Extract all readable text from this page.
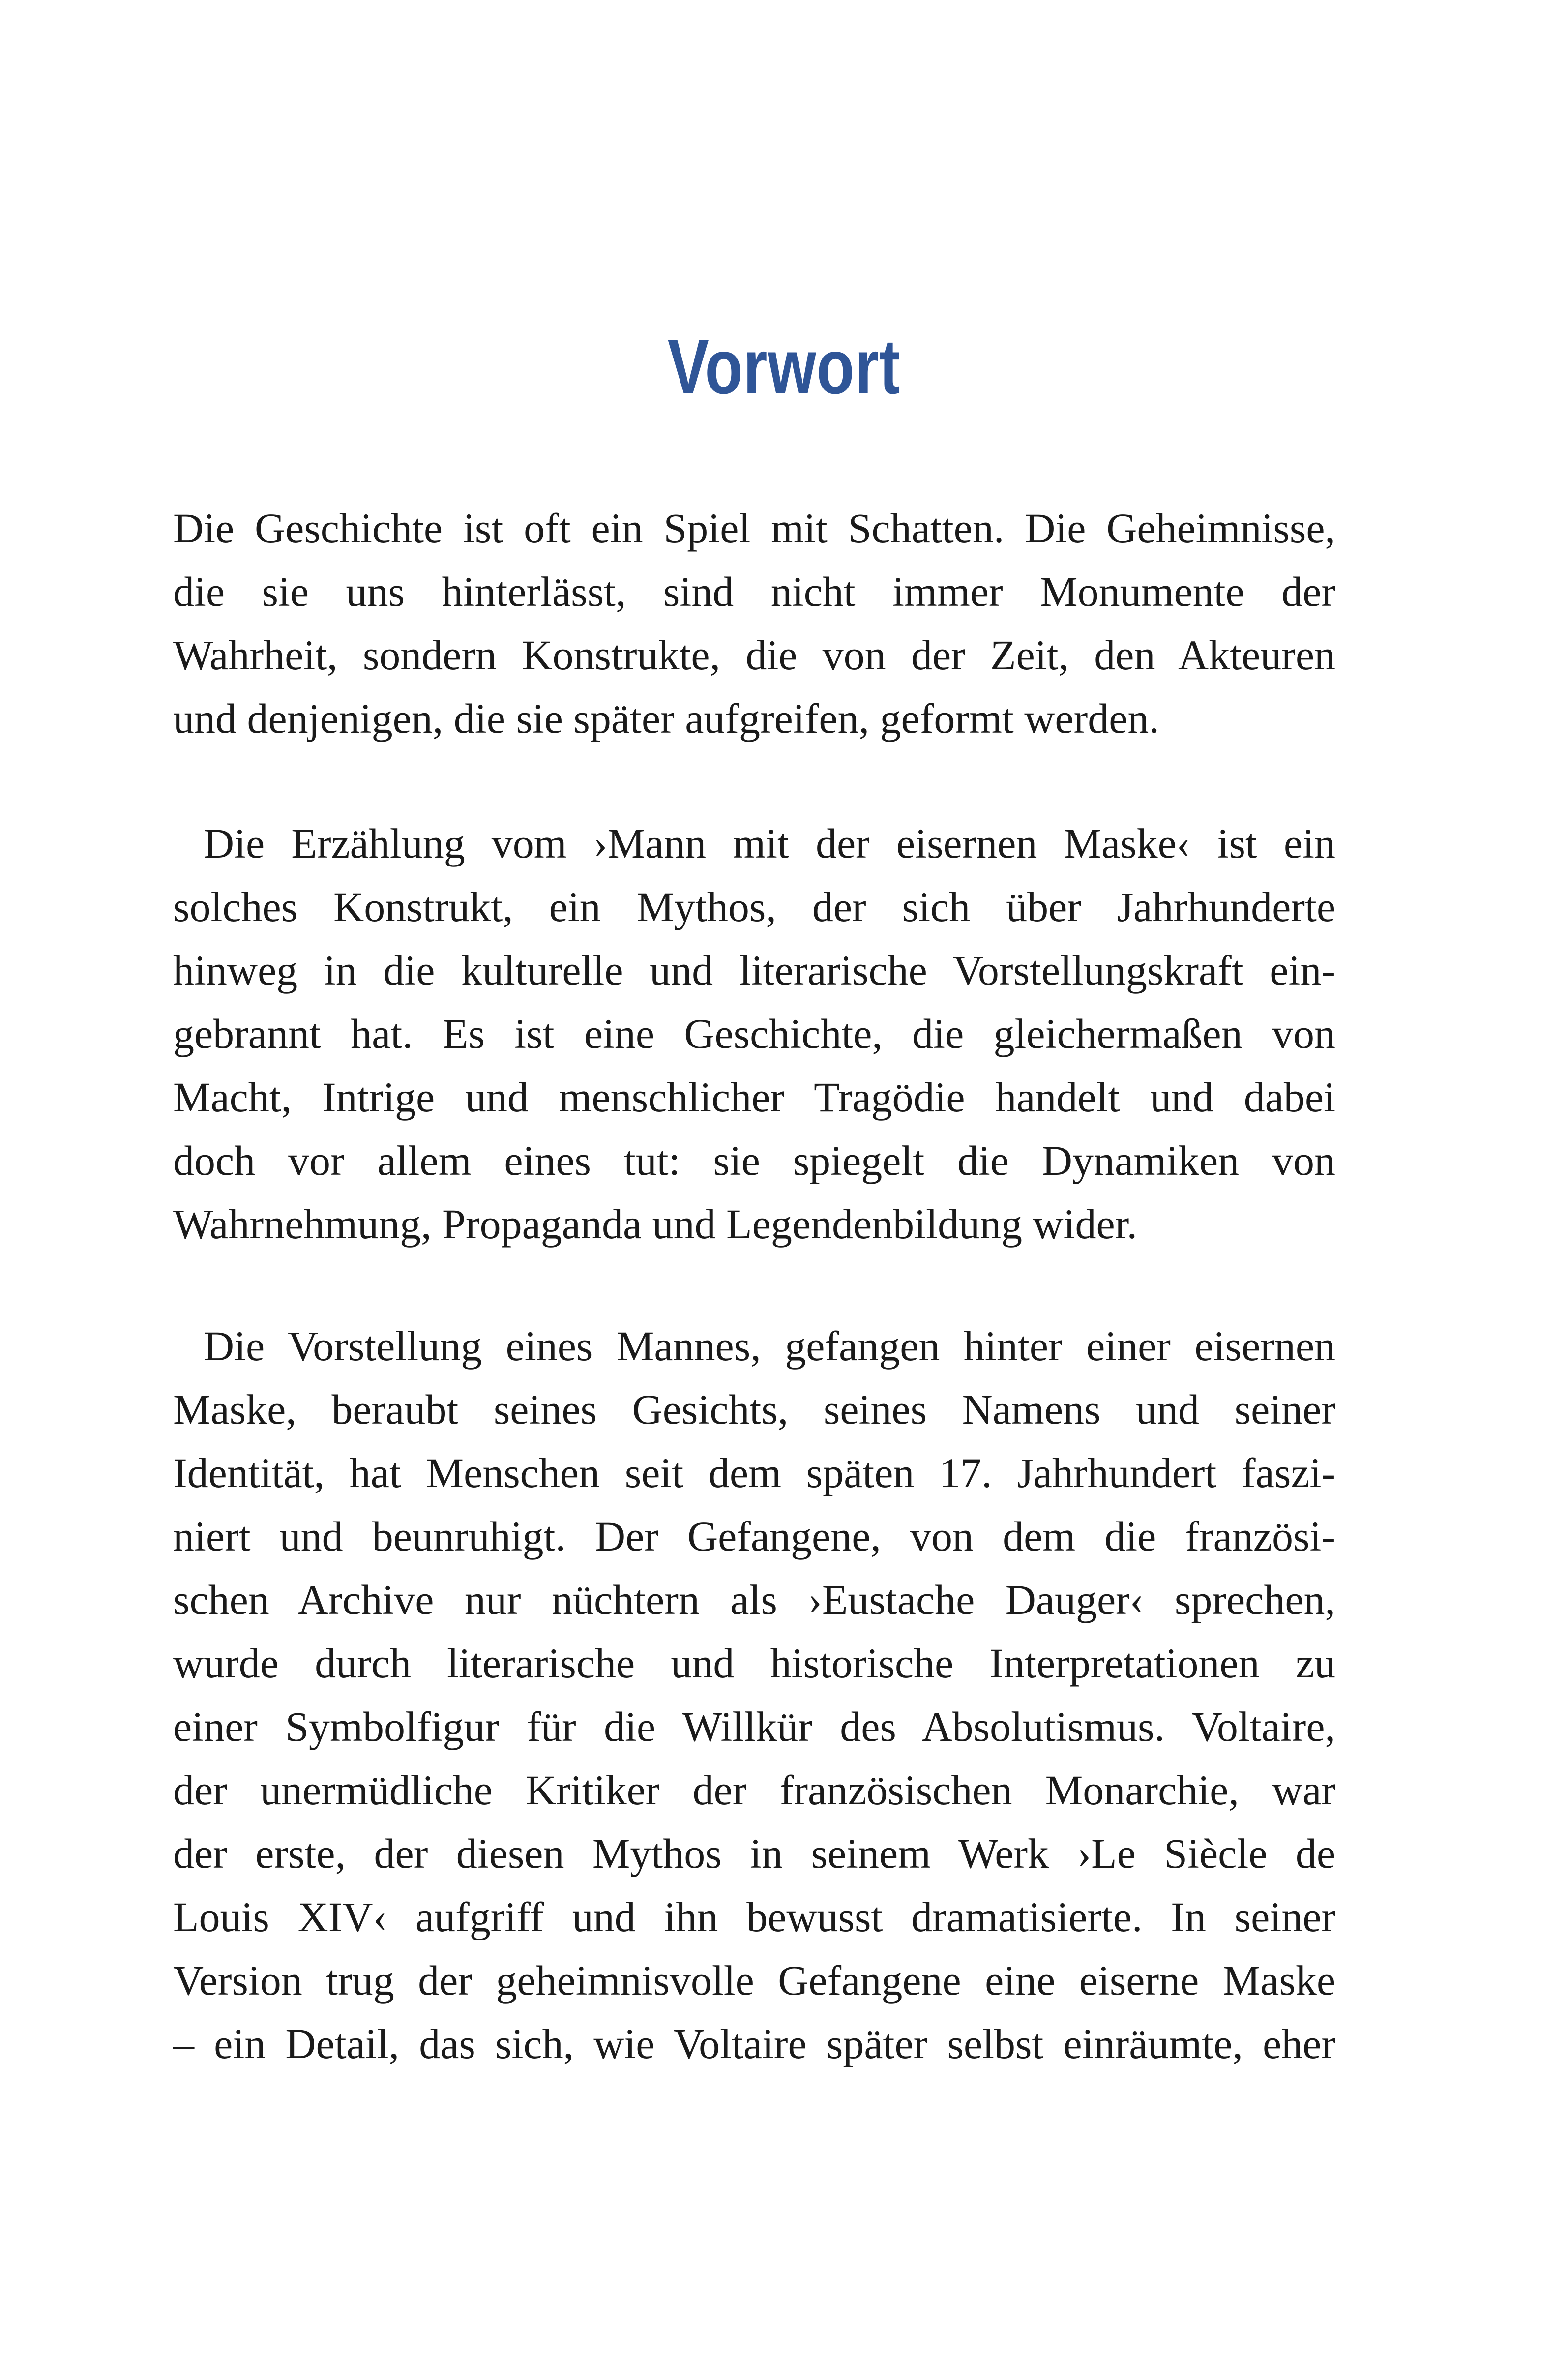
Vorwort
Die Geschichte ist oft ein Spiel mit Schatten. Die Geheimnisse,
die sie uns hinterlässt, sind nicht immer Monumente der
Wahrheit, sondern Konstrukte, die von der Zeit, den Akteuren
und denjenigen, die sie später aufgreifen, geformt werden.
Die Erzählung vom ›Mann mit der eisernen Maske‹ ist ein
solches Konstrukt, ein Mythos, der sich über Jahrhunderte
hinweg in die kulturelle und literarische Vorstellungskraft ein-
gebrannt hat. Es ist eine Geschichte, die gleichermaßen von
Macht, Intrige und menschlicher Tragödie handelt und dabei
doch vor allem eines tut: sie spiegelt die Dynamiken von
Wahrnehmung, Propaganda und Legendenbildung wider.
Die Vorstellung eines Mannes, gefangen hinter einer eisernen
Maske, beraubt seines Gesichts, seines Namens und seiner
Identität, hat Menschen seit dem späten 17. Jahrhundert faszi-
niert und beunruhigt. Der Gefangene, von dem die französi-
schen Archive nur nüchtern als ›Eustache Dauger‹ sprechen,
wurde durch literarische und historische Interpretationen zu
einer Symbolfigur für die Willkür des Absolutismus. Voltaire,
der unermüdliche Kritiker der französischen Monarchie, war
der erste, der diesen Mythos in seinem Werk ›Le Siècle de
Louis XIV‹ aufgriff und ihn bewusst dramatisierte. In seiner
Version trug der geheimnisvolle Gefangene eine eiserne Maske
– ein Detail, das sich, wie Voltaire später selbst einräumte, eher
